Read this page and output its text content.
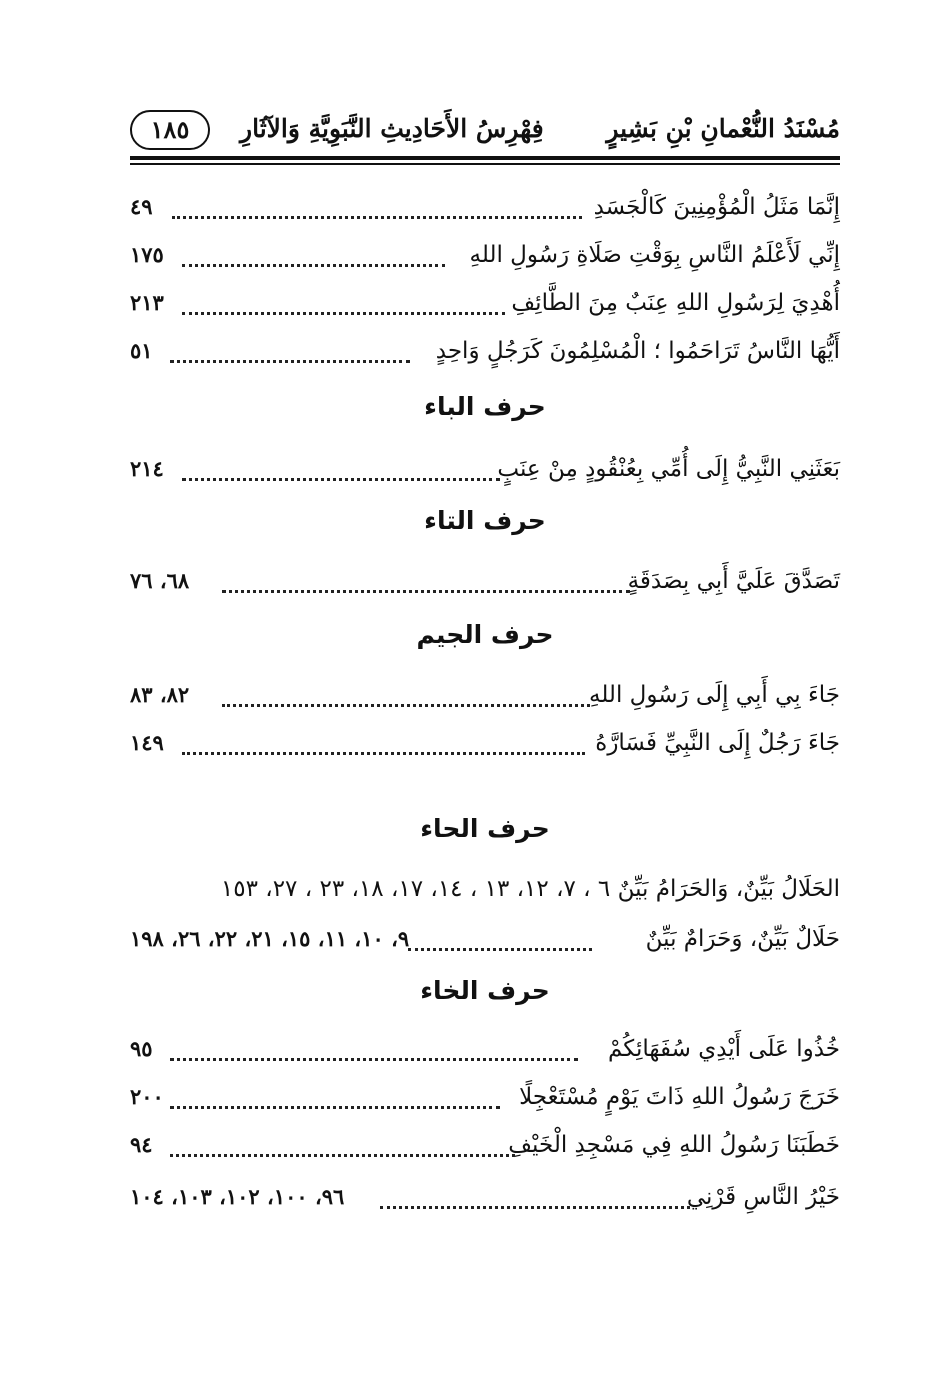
مُسْنَدُ النُّعْمانِ بْنِ بَشِيرٍ
فِهْرِسُ الأَحَادِيثِ النَّبَوِيَّةِ وَالآثَارِ
١٨٥
إِنَّمَا مَثَلُ الْمُؤْمِنِينَ كَالْجَسَدِ
٤٩
إِنِّي لَأَعْلَمُ النَّاسِ بِوَقْتِ صَلَاةِ رَسُولِ اللهِ
١٧٥
أُهْدِيَ لِرَسُولِ اللهِ عِنَبٌ مِنَ الطَّائِفِ
٢١٣
أَيُّهَا النَّاسُ تَرَاحَمُوا ؛ الْمُسْلِمُونَ كَرَجُلٍ وَاحِدٍ
٥١
حرف الباء
بَعَثَنِي النَّبِيُّ إِلَى أُمِّي بِعُنْقُودٍ مِنْ عِنَبٍ
٢١٤
حرف التاء
تَصَدَّقَ عَلَيَّ أَبِي بِصَدَقَةٍ
٦٨، ٧٦
حرف الجيم
جَاءَ بِي أَبِي إِلَى رَسُولِ اللهِ
٨٢، ٨٣
جَاءَ رَجُلٌ إِلَى النَّبِيِّ فَسَارَّهُ
١٤٩
حرف الحاء
الحَلَالُ بَيِّنٌ، وَالحَرَامُ بَيِّنٌ ٦ ، ٧، ١٢، ١٣ ، ١٤، ١٧، ١٨، ٢٣ ، ٢٧، ١٥٣
حَلَالٌ بَيِّنٌ، وَحَرَامٌ بَيِّنٌ
٩، ١٠، ١١، ١٥، ٢١، ٢٢، ٢٦، ١٩٨
حرف الخاء
خُذُوا عَلَى أَيْدِي سُفَهَائِكُمْ
٩٥
خَرَجَ رَسُولُ اللهِ ذَاتَ يَوْمٍ مُسْتَعْجِلًا
٢٠٠
خَطَبَنَا رَسُولُ اللهِ فِي مَسْجِدِ الْخَيْفِ
٩٤
خَيْرُ النَّاسِ قَرْنِي
٩٦، ١٠٠، ١٠٢، ١٠٣، ١٠٤
